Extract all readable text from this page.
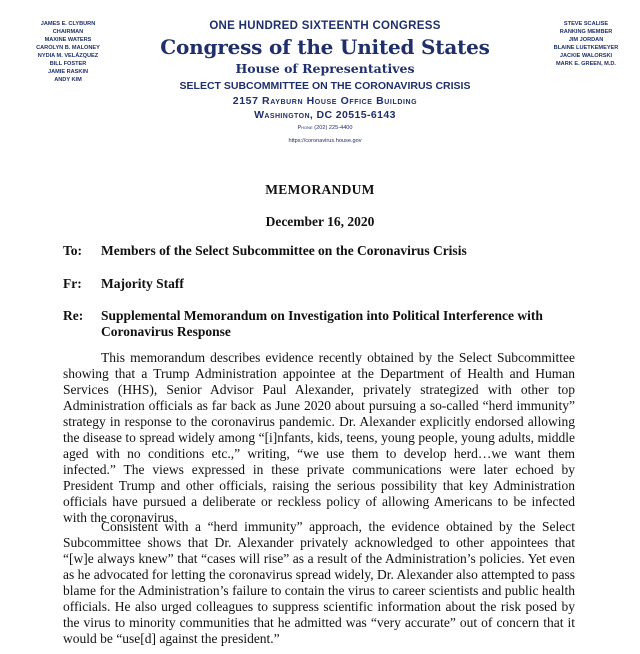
JAMES E. CLYBURN
CHAIRMAN
MAXINE WATERS
CAROLYN B. MALONEY
NYDIA M. VELÁZQUEZ
BILL FOSTER
JAMIE RASKIN
ANDY KIM
STEVE SCALISE
RANKING MEMBER
JIM JORDAN
BLAINE LUETKEMEYER
JACKIE WALORSKI
MARK E. GREEN, M.D.
ONE HUNDRED SIXTEENTH CONGRESS
Congress of the United States
House of Representatives
SELECT SUBCOMMITTEE ON THE CORONAVIRUS CRISIS
2157 Rayburn House Office Building
Washington, DC 20515-6143
Phone (202) 225-4400
https://coronavirus.house.gov
MEMORANDUM
December 16, 2020
To: Members of the Select Subcommittee on the Coronavirus Crisis
Fr: Majority Staff
Re: Supplemental Memorandum on Investigation into Political Interference with Coronavirus Response

This memorandum describes evidence recently obtained by the Select Subcommittee showing that a Trump Administration appointee at the Department of Health and Human Services (HHS), Senior Advisor Paul Alexander, privately strategized with other top Administration officials as far back as June 2020 about pursuing a so-called “herd immunity” strategy in response to the coronavirus pandemic. Dr. Alexander explicitly endorsed allowing the disease to spread widely among “[i]nfants, kids, teens, young people, young adults, middle aged with no conditions etc.,” writing, “we use them to develop herd…we want them infected.” The views expressed in these private communications were later echoed by President Trump and other officials, raising the serious possibility that key Administration officials have pursued a deliberate or reckless policy of allowing Americans to be infected with the coronavirus.

Consistent with a “herd immunity” approach, the evidence obtained by the Select Subcommittee shows that Dr. Alexander privately acknowledged to other appointees that “[w]e always knew” that “cases will rise” as a result of the Administration’s policies. Yet even as he advocated for letting the coronavirus spread widely, Dr. Alexander also attempted to pass blame for the Administration’s failure to contain the virus to career scientists and public health officials. He also urged colleagues to suppress scientific information about the risk posed by the virus to minority communities that he admitted was “very accurate” out of concern that it would be “use[d] against the president.”
